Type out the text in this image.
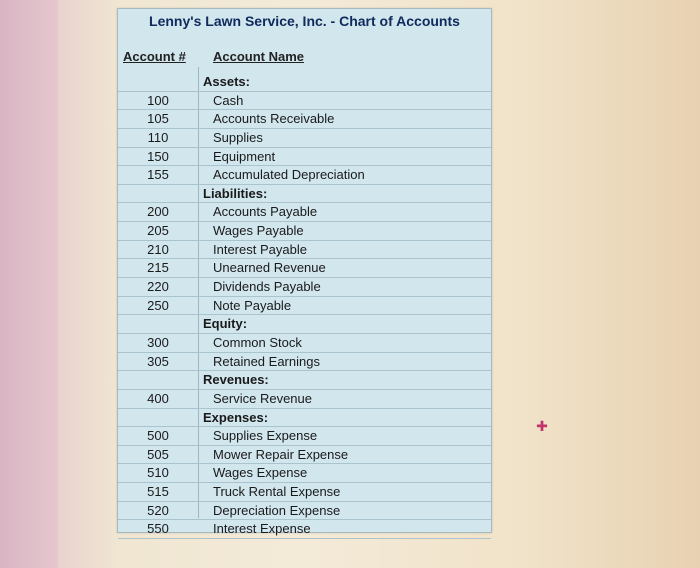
Lenny's Lawn Service, Inc. - Chart of Accounts
Account # Account Name
Assets:
100	Cash
105	Accounts Receivable
110	Supplies
150	Equipment
155	Accumulated Depreciation
Liabilities:
200	Accounts Payable
205	Wages Payable
210	Interest Payable
215	Unearned Revenue
220	Dividends Payable
250	Note Payable
Equity:
300	Common Stock
305	Retained Earnings
Revenues:
400	Service Revenue
Expenses:
500	Supplies Expense
505	Mower Repair Expense
510	Wages Expense
515	Truck Rental Expense
520	Depreciation Expense
550	Interest Expense
✚
